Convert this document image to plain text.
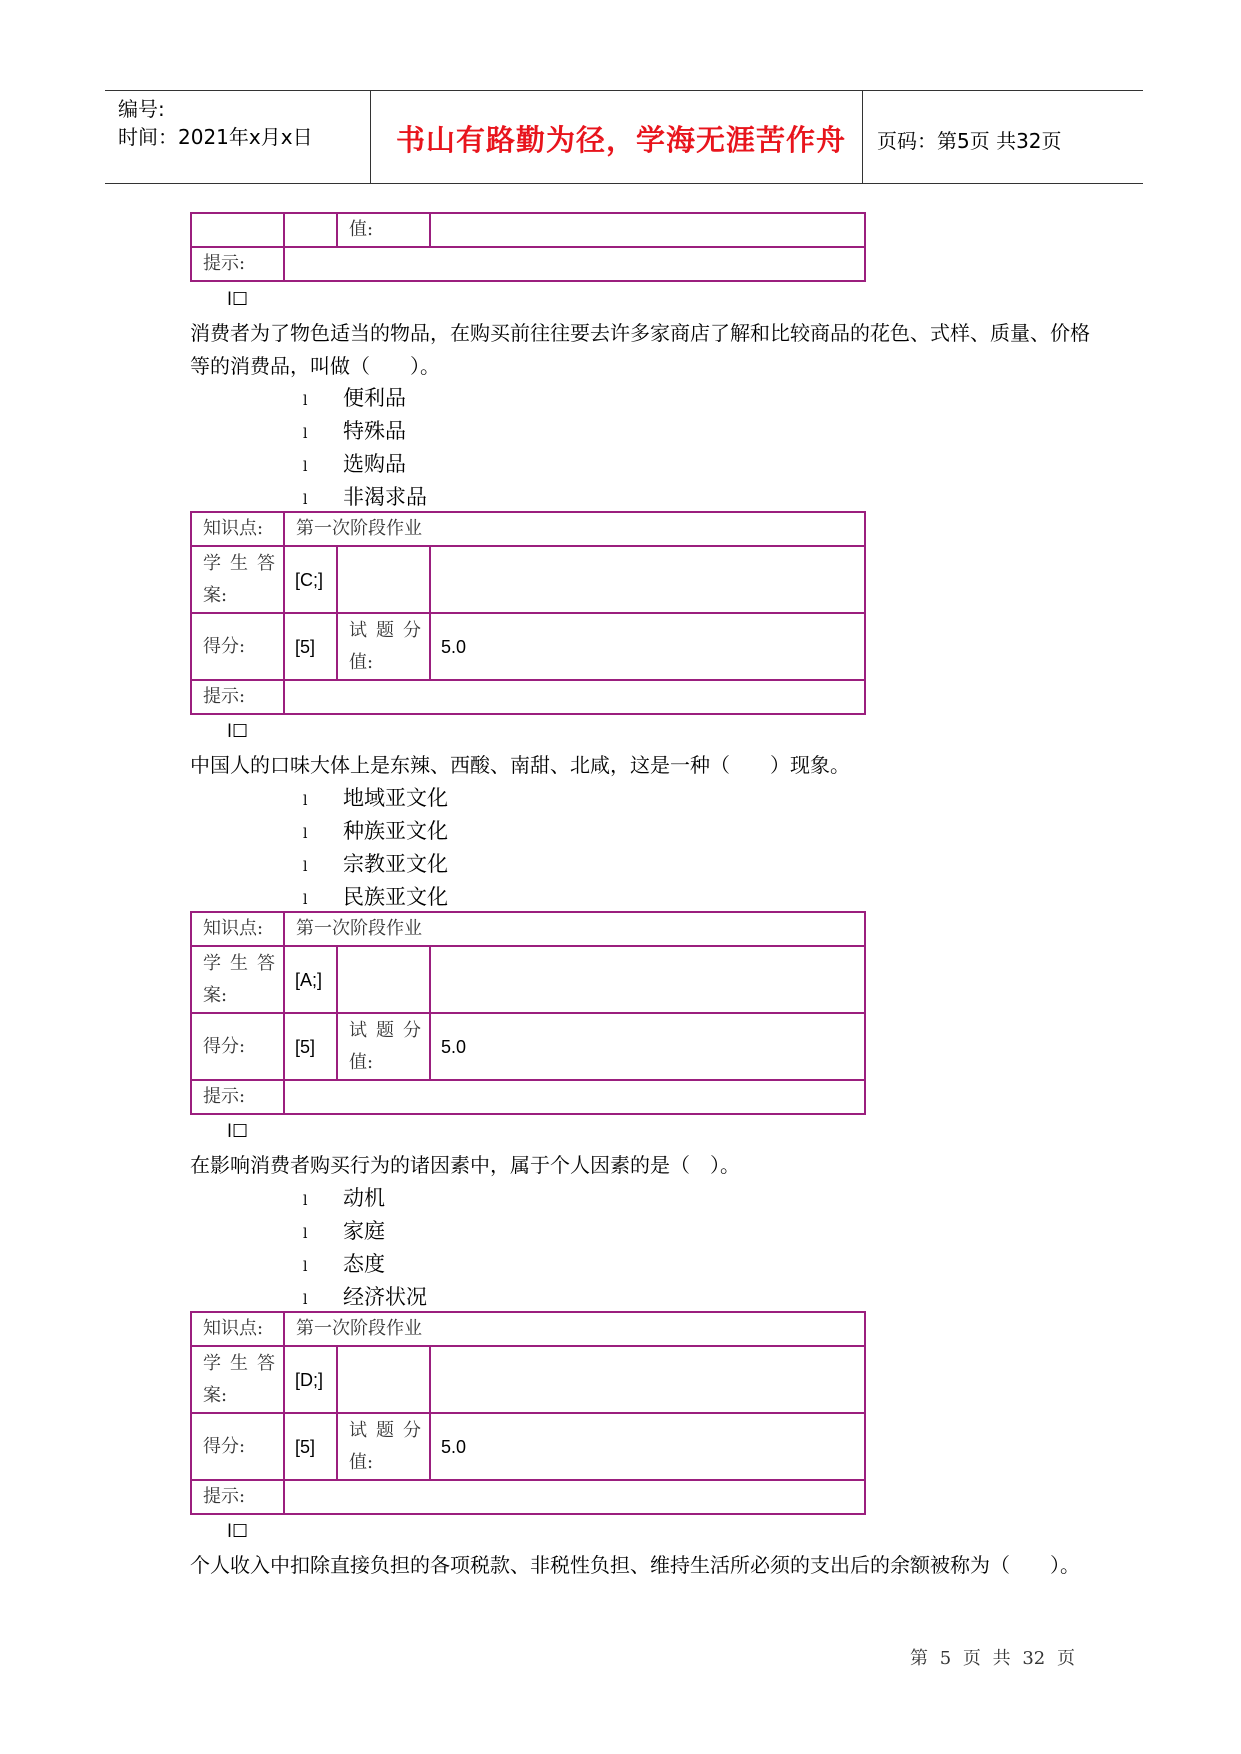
编号:
时间：2021年x月x日	书山有路勤为径，学海无涯苦作舟 页码：第5页 共32页
		值:	
提示:			
l☐
消费者为了物色适当的物品，在购买前往往要去许多家商店了解和比较商品的花色、式样、质量、价格等的消费品，叫做（　　）。
l 便利品
l 特殊品
l 选购品
l 非渴求品
知识点:	第一次阶段作业		

学 生 答
案:	[C;]		
得分:	[5]	试 题 分
值:	5.0
提示:			
l☐
中国人的口味大体上是东辣、西酸、南甜、北咸，这是一种（　　）现象。
l 地域亚文化
l 种族亚文化
l 宗教亚文化
l 民族亚文化
知识点:	第一次阶段作业		

学 生 答
案:	[A;]		
得分:	[5]	试 题 分
值:	5.0
提示:			
l☐
在影响消费者购买行为的诸因素中，属于个人因素的是（　）。
l 动机
l 家庭
l 态度
l 经济状况
知识点:	第一次阶段作业		

学 生 答
案:	[D;]		
得分:	[5]	试 题 分
值:	5.0
提示:			
l☐
个人收入中扣除直接负担的各项税款、非税性负担、维持生活所必须的支出后的余额被称为（　　）。
第 5 页 共 32 页
